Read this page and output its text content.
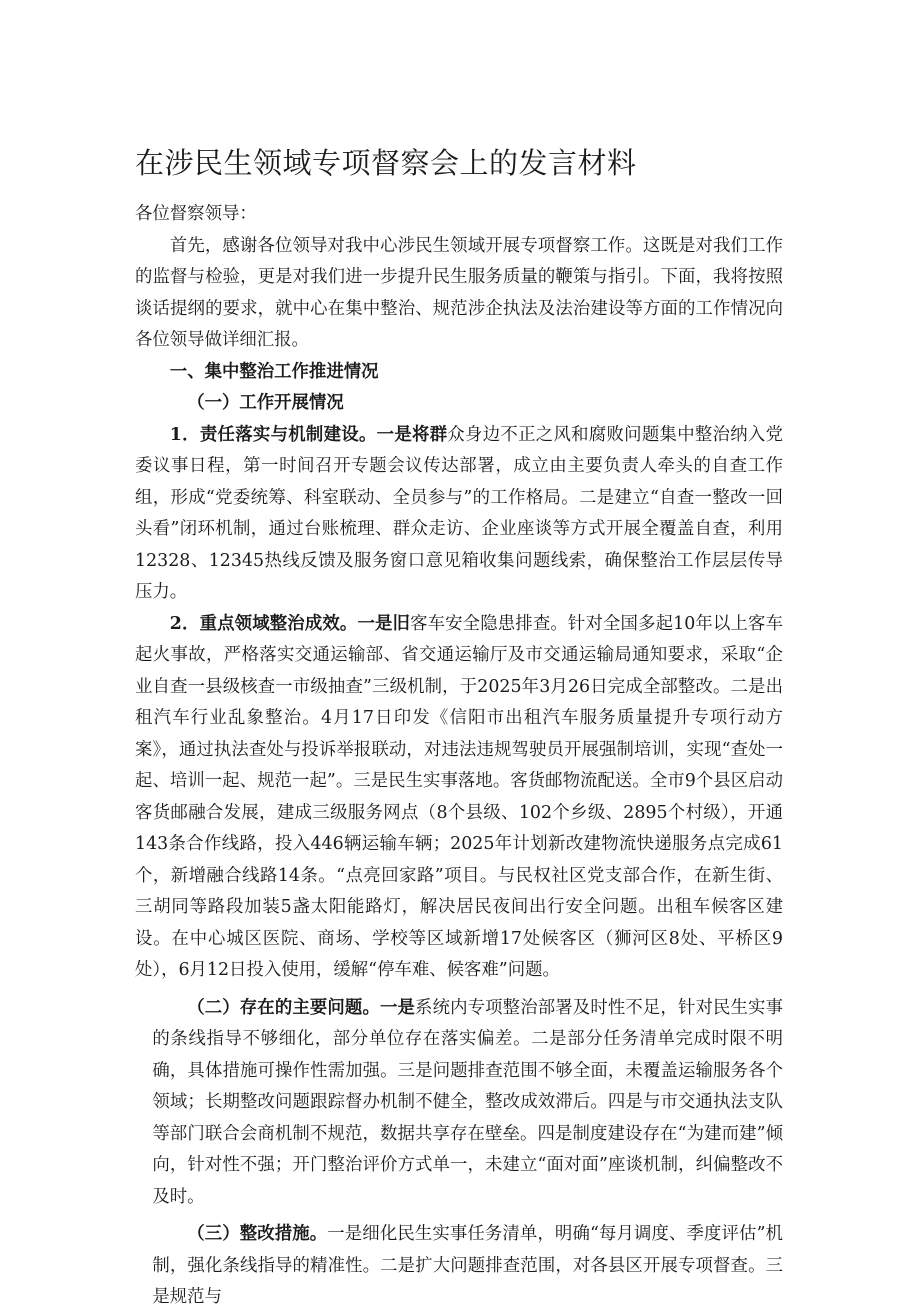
在涉民生领域专项督察会上的发言材料

各位督察领导：

首先，感谢各位领导对我中心涉民生领域开展专项督察工作。这既是对我们工作的监督与检验，更是对我们进一步提升民生服务质量的鞭策与指引。下面，我将按照谈话提纲的要求，就中心在集中整治、规范涉企执法及法治建设等方面的工作情况向各位领导做详细汇报。

一、集中整治工作推进情况

（一）工作开展情况

1．责任落实与机制建设。一是将群众身边不正之风和腐败问题集中整治纳入党委议事日程，第一时间召开专题会议传达部署，成立由主要负责人牵头的自查工作组，形成“党委统筹、科室联动、全员参与”的工作格局。二是建立“自查一整改一回头看”闭环机制，通过台账梳理、群众走访、企业座谈等方式开展全覆盖自查，利用12328、12345热线反馈及服务窗口意见箱收集问题线索，确保整治工作层层传导压力。

2．重点领域整治成效。一是旧客车安全隐患排查。针对全国多起10年以上客车起火事故，严格落实交通运输部、省交通运输厅及市交通运输局通知要求，采取“企业自查一县级核查一市级抽查”三级机制，于2025年3月26日完成全部整改。二是出租汽车行业乱象整治。4月17日印发《信阳市出租汽车服务质量提升专项行动方案》，通过执法查处与投诉举报联动，对违法违规驾驶员开展强制培训，实现“查处一起、培训一起、规范一起”。三是民生实事落地。客货邮物流配送。全市9个县区启动客货邮融合发展，建成三级服务网点（8个县级、102个乡级、2895个村级），开通143条合作线路，投入446辆运输车辆；2025年计划新改建物流快递服务点完成61个，新增融合线路14条。“点亮回家路”项目。与民权社区党支部合作，在新生街、三胡同等路段加装5盏太阳能路灯，解决居民夜间出行安全问题。出租车候客区建设。在中心城区医院、商场、学校等区域新增17处候客区（狮河区8处、平桥区9处），6月12日投入使用，缓解“停车难、候客难”问题。

（二）存在的主要问题。一是系统内专项整治部署及时性不足，针对民生实事的条线指导不够细化，部分单位存在落实偏差。二是部分任务清单完成时限不明确，具体措施可操作性需加强。三是问题排查范围不够全面，未覆盖运输服务各个领域；长期整改问题跟踪督办机制不健全，整改成效滞后。四是与市交通执法支队等部门联合会商机制不规范，数据共享存在壁垒。四是制度建设存在“为建而建”倾向，针对性不强；开门整治评价方式单一，未建立“面对面”座谈机制，纠偏整改不及时。

（三）整改措施。一是细化民生实事任务清单，明确“每月调度、季度评估”机制，强化条线指导的精准性。二是扩大问题排查范围，对各县区开展专项督查。三是规范与
